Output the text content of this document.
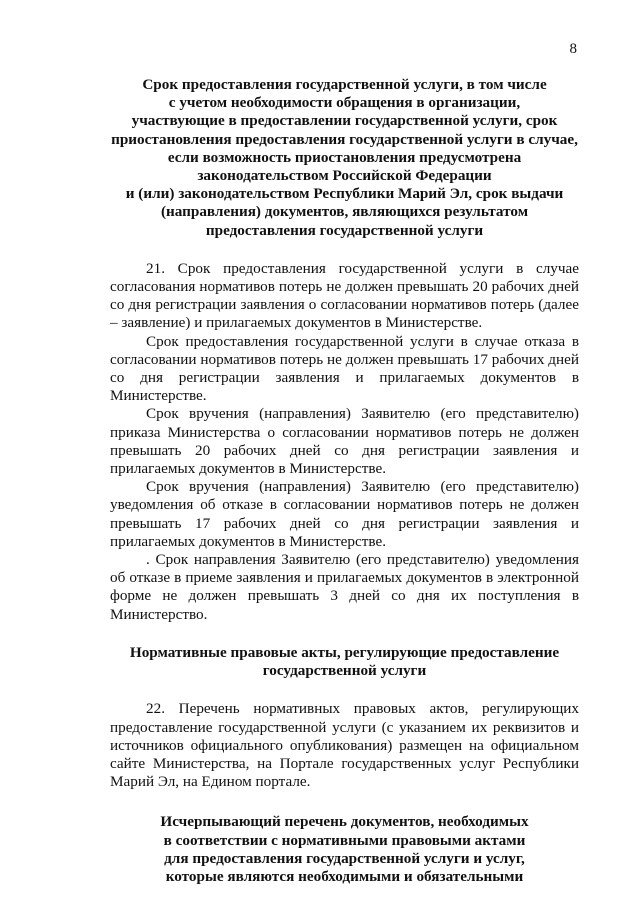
8
Срок предоставления государственной услуги, в том числе
с учетом необходимости обращения в организации,
участвующие в предоставлении государственной услуги, срок
приостановления предоставления государственной услуги в случае,
если возможность приостановления предусмотрена
законодательством Российской Федерации
и (или) законодательством Республики Марий Эл, срок выдачи
(направления) документов, являющихся результатом
предоставления государственной услуги

21. Срок предоставления государственной услуги в случае согласования нормативов потерь не должен превышать 20 рабочих дней со дня регистрации заявления о согласовании нормативов потерь (далее – заявление) и прилагаемых документов в Министерстве.

Срок предоставления государственной услуги в случае отказа в согласовании нормативов потерь не должен превышать 17 рабочих дней со дня регистрации заявления и прилагаемых документов в Министерстве.

Срок вручения (направления) Заявителю (его представителю) приказа Министерства о согласовании нормативов потерь не должен превышать 20 рабочих дней со дня регистрации заявления и прилагаемых документов в Министерстве.

Срок вручения (направления) Заявителю (его представителю) уведомления об отказе в согласовании нормативов потерь не должен превышать 17 рабочих дней со дня регистрации заявления и прилагаемых документов в Министерстве.

. Срок направления Заявителю (его представителю) уведомления об отказе в приеме заявления и прилагаемых документов в электронной форме не должен превышать 3 дней со дня их поступления в Министерство.

Нормативные правовые акты, регулирующие предоставление
государственной услуги

22. Перечень нормативных правовых актов, регулирующих предоставление государственной услуги (с указанием их реквизитов и источников официального опубликования) размещен на официальном сайте Министерства, на Портале государственных услуг Республики Марий Эл, на Едином портале.

Исчерпывающий перечень документов, необходимых
в соответствии с нормативными правовыми актами
для предоставления государственной услуги и услуг,
которые являются необходимыми и обязательными
